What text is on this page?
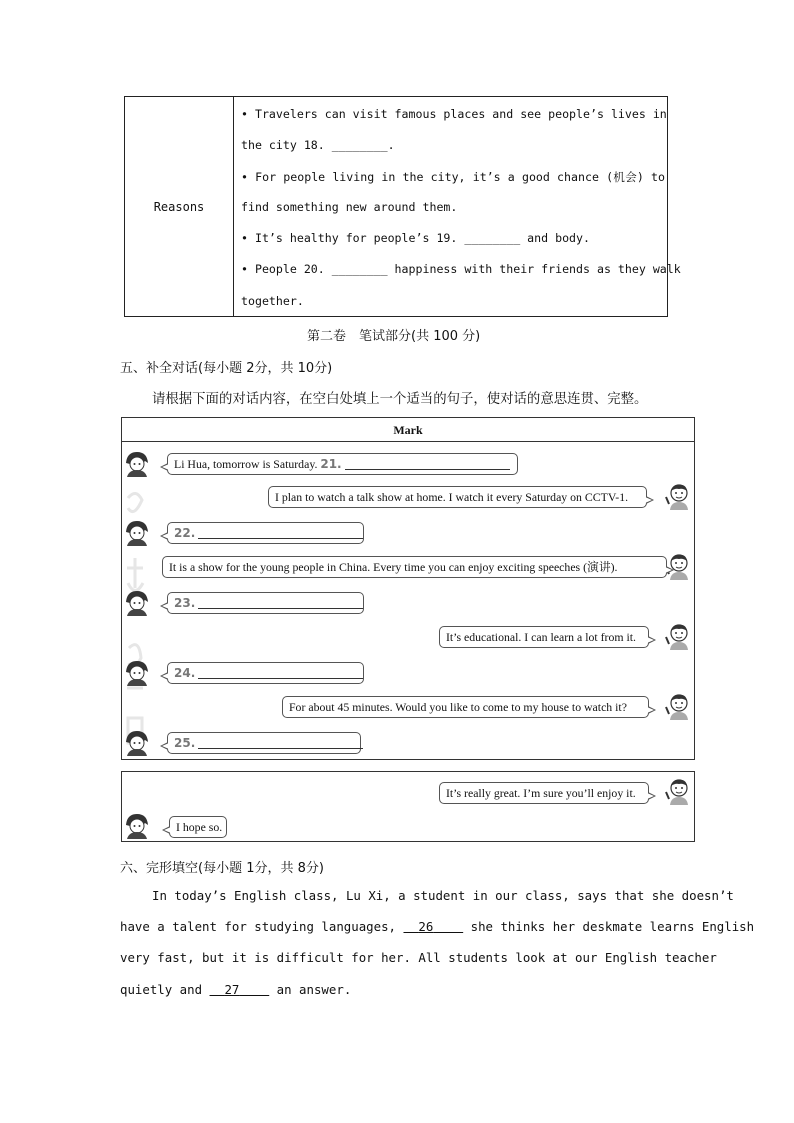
Reasons
• Travelers can visit famous places and see people’s lives in
the city 18. ________.
• For people living in the city, it’s a good chance (机会) to
find something new around them.
• It’s healthy for people’s 19. ________ and body.
• People 20. ________ happiness with their friends as they walk
together.
第二卷　笔试部分(共 100 分)
五、补全对话(每小题 2分，共 10分)
请根据下面的对话内容，在空白处填上一个适当的句子，使对话的意思连贯、完整。
Mark
Li Hua, tomorrow is Saturday. 21.
I plan to watch a talk show at home. I watch it every Saturday on CCTV-1.
22.
It is a show for the young people in China. Every time you can enjoy exciting speeches (演讲).
23.
It’s educational. I can learn a lot from it.
24.
For about 45 minutes. Would you like to come to my house to watch it?
25.
It’s really great. I’m sure you’ll enjoy it.
I hope so.
六、完形填空(每小题 1分，共 8分)
In today’s English class, Lu Xi, a student in our class, says that she doesn’t
have a talent for studying languages,   26     she thinks her deskmate learns English
very fast, but it is difficult for her. All students look at our English teacher
quietly and   27     an answer.
